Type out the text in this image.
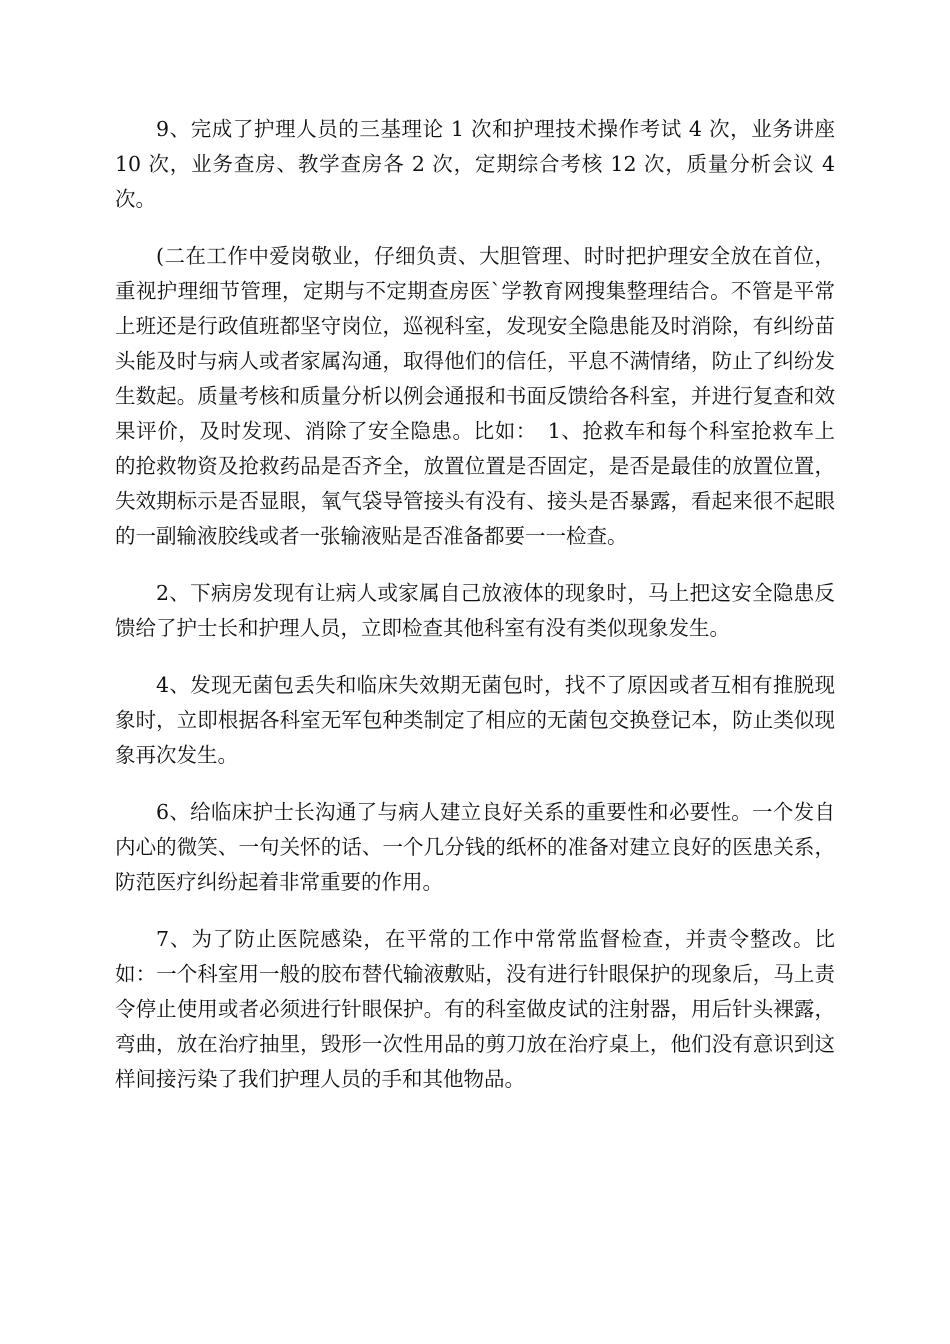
9、完成了护理人员的三基理论 1 次和护理技术操作考试 4 次，业务讲座 10 次，业务查房、教学查房各 2 次，定期综合考核 12 次，质量分析会议 4 次。

(二在工作中爱岗敬业，仔细负责、大胆管理、时时把护理安全放在首位，重视护理细节管理，定期与不定期查房医`学教育网搜集整理结合。不管是平常上班还是行政值班都坚守岗位，巡视科室，发现安全隐患能及时消除，有纠纷苗头能及时与病人或者家属沟通，取得他们的信任，平息不满情绪，防止了纠纷发生数起。质量考核和质量分析以例会通报和书面反馈给各科室，并进行复查和效果评价，及时发现、消除了安全隐患。比如：　1、抢救车和每个科室抢救车上的抢救物资及抢救药品是否齐全，放置位置是否固定，是否是最佳的放置位置，失效期标示是否显眼，氧气袋导管接头有没有、接头是否暴露，看起来很不起眼的一副输液胶线或者一张输液贴是否准备都要一一检查。

2、下病房发现有让病人或家属自己放液体的现象时，马上把这安全隐患反馈给了护士长和护理人员，立即检查其他科室有没有类似现象发生。

4、发现无菌包丢失和临床失效期无菌包时，找不了原因或者互相有推脱现象时，立即根据各科室无军包种类制定了相应的无菌包交换登记本，防止类似现象再次发生。

6、给临床护士长沟通了与病人建立良好关系的重要性和必要性。一个发自内心的微笑、一句关怀的话、一个几分钱的纸杯的准备对建立良好的医患关系，防范医疗纠纷起着非常重要的作用。

7、为了防止医院感染，在平常的工作中常常监督检查，并责令整改。比如：一个科室用一般的胶布替代输液敷贴，没有进行针眼保护的现象后，马上责令停止使用或者必须进行针眼保护。有的科室做皮试的注射器，用后针头裸露，弯曲，放在治疗抽里，毁形一次性用品的剪刀放在治疗桌上，他们没有意识到这样间接污染了我们护理人员的手和其他物品。
